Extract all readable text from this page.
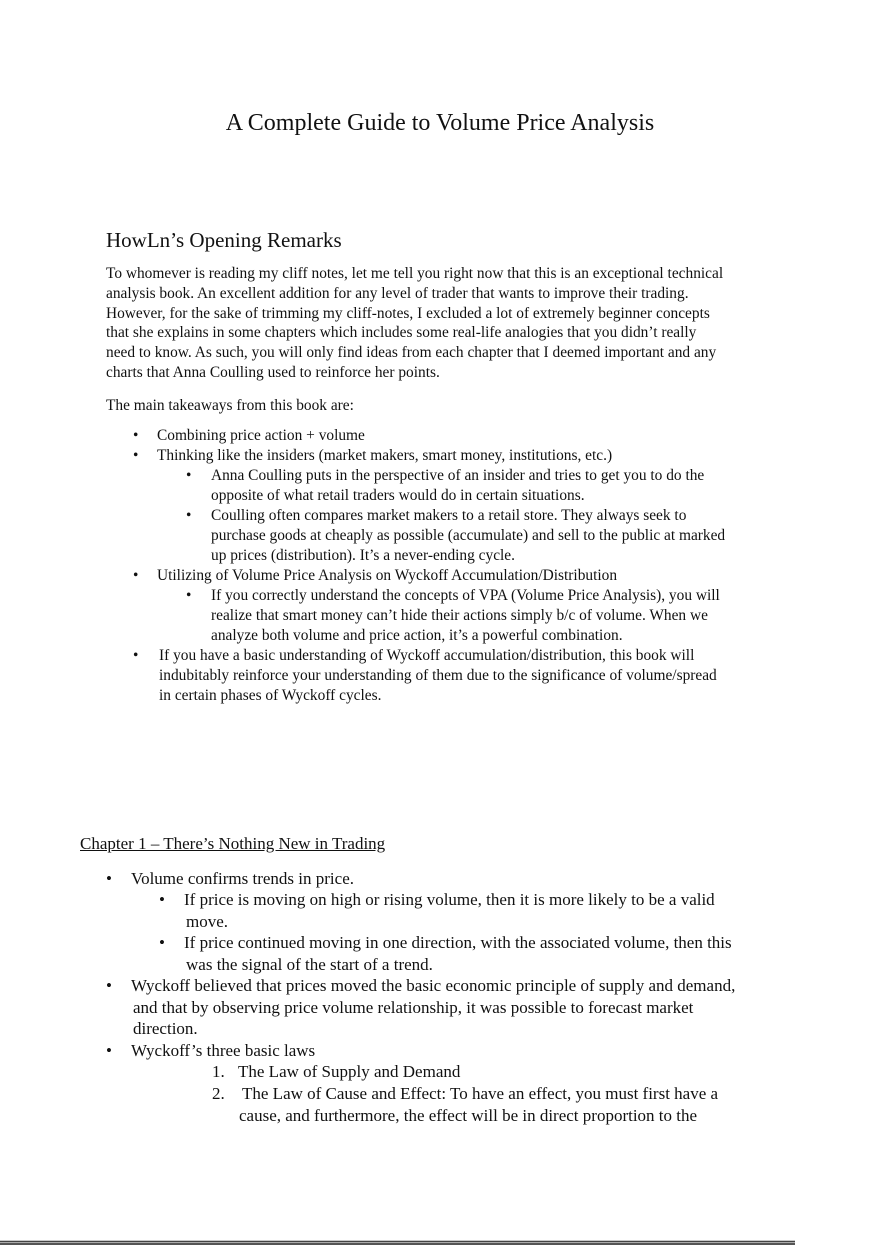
A Complete Guide to Volume Price Analysis
HowLn’s Opening Remarks
To whomever is reading my cliff notes, let me tell you right now that this is an exceptional technical
analysis book. An excellent addition for any level of trader that wants to improve their trading.
However, for the sake of trimming my cliff-notes, I excluded a lot of extremely beginner concepts
that she explains in some chapters which includes some real-life analogies that you didn’t really
need to know. As such, you will only find ideas from each chapter that I deemed important and any
charts that Anna Coulling used to reinforce her points.
The main takeaways from this book are:
• Combining price action + volume
• Thinking like the insiders (market makers, smart money, institutions, etc.)
• Anna Coulling puts in the perspective of an insider and tries to get you to do the
opposite of what retail traders would do in certain situations.
• Coulling often compares market makers to a retail store. They always seek to
purchase goods at cheaply as possible (accumulate) and sell to the public at marked
up prices (distribution). It’s a never-ending cycle.
• Utilizing of Volume Price Analysis on Wyckoff Accumulation/Distribution
• If you correctly understand the concepts of VPA (Volume Price Analysis), you will
realize that smart money can’t hide their actions simply b/c of volume. When we
analyze both volume and price action, it’s a powerful combination.
• If you have a basic understanding of Wyckoff accumulation/distribution, this book will
indubitably reinforce your understanding of them due to the significance of volume/spread
in certain phases of Wyckoff cycles.
Chapter 1 – There’s Nothing New in Trading
• Volume confirms trends in price.
• If price is moving on high or rising volume, then it is more likely to be a valid
move.
• If price continued moving in one direction, with the associated volume, then this
was the signal of the start of a trend.
• Wyckoff believed that prices moved the basic economic principle of supply and demand,
and that by observing price volume relationship, it was possible to forecast market
direction.
• Wyckoff’s three basic laws
1. The Law of Supply and Demand
2. The Law of Cause and Effect: To have an effect, you must first have a
cause, and furthermore, the effect will be in direct proportion to the
